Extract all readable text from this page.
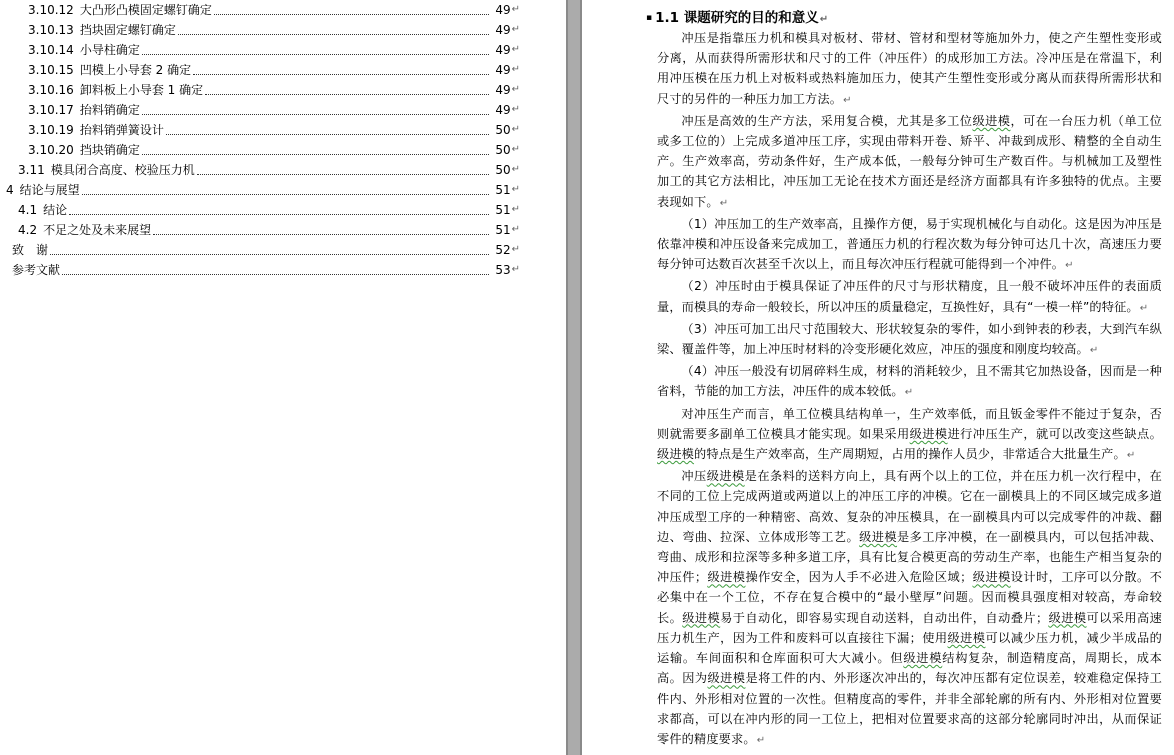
3.10.12 大凸形凸模固定螺钉确定	49 ↵
3.10.13 挡块固定螺钉确定	49 ↵
3.10.14 小导柱确定	49 ↵
3.10.15 凹模上小导套 2 确定	49 ↵
3.10.16 卸料板上小导套 1 确定	49 ↵
3.10.17 抬料销确定	49 ↵
3.10.19 抬料销弹簧设计	50 ↵
3.10.20 挡块销确定	50 ↵
3.11 模具闭合高度、校验压力机	50 ↵
4 结论与展望	51 ↵
4.1 结论	51 ↵
4.2 不足之处及未来展望	51 ↵
致　谢	52 ↵
参考文献	53 ↵
▪ 1.1 课题研究的目的和意义↵

冲压是指靠压力机和模具对板材、带材、管材和型材等施加外力，使之产生塑性变形或分离，从而获得所需形状和尺寸的工件（冲压件）的成形加工方法。冷冲压是在常温下，利用冲压模在压力机上对板料或热料施加压力，使其产生塑性变形或分离从而获得所需形状和尺寸的另件的一种压力加工方法。↵

冲压是高效的生产方法，采用复合模，尤其是多工位级进模，可在一台压力机（单工位或多工位的）上完成多道冲压工序，实现由带料开卷、矫平、冲裁到成形、精整的全自动生产。生产效率高，劳动条件好，生产成本低，一般每分钟可生产数百件。与机械加工及塑性加工的其它方法相比，冲压加工无论在技术方面还是经济方面都具有许多独特的优点。主要表现如下。↵

（1）冲压加工的生产效率高，且操作方便，易于实现机械化与自动化。这是因为冲压是依靠冲模和冲压设备来完成加工，普通压力机的行程次数为每分钟可达几十次，高速压力要每分钟可达数百次甚至千次以上，而且每次冲压行程就可能得到一个冲件。↵

（2）冲压时由于模具保证了冲压件的尺寸与形状精度，且一般不破坏冲压件的表面质量，而模具的寿命一般较长，所以冲压的质量稳定，互换性好，具有“一模一样”的特征。↵

（3）冲压可加工出尺寸范围较大、形状较复杂的零件，如小到钟表的秒表，大到汽车纵梁、覆盖件等，加上冲压时材料的冷变形硬化效应，冲压的强度和刚度均较高。↵

（4）冲压一般没有切屑碎料生成，材料的消耗较少，且不需其它加热设备，因而是一种省料，节能的加工方法，冲压件的成本较低。↵

对冲压生产而言，单工位模具结构单一，生产效率低，而且钣金零件不能过于复杂，否则就需要多副单工位模具才能实现。如果采用级进模进行冲压生产，就可以改变这些缺点。级进模的特点是生产效率高，生产周期短，占用的操作人员少，非常适合大批量生产。↵

冲压级进模是在条料的送料方向上，具有两个以上的工位，并在压力机一次行程中，在不同的工位上完成两道或两道以上的冲压工序的冲模。它在一副模具上的不同区域完成多道冲压成型工序的一种精密、高效、复杂的冲压模具，在一副模具内可以完成零件的冲裁、翻边、弯曲、拉深、立体成形等工艺。级进模是多工序冲模，在一副模具内，可以包括冲裁、弯曲、成形和拉深等多种多道工序，具有比复合模更高的劳动生产率，也能生产相当复杂的冲压件；级进模操作安全，因为人手不必进入危险区域；级进模设计时，工序可以分散。不必集中在一个工位，不存在复合模中的“最小壁厚”问题。因而模具强度相对较高，寿命较长。级进模易于自动化，即容易实现自动送料，自动出件，自动叠片；级进模可以采用高速压力机生产，因为工件和废料可以直接往下漏；使用级进模可以减少压力机，减少半成品的运输。车间面积和仓库面积可大大减小。但级进模结构复杂，制造精度高，周期长，成本高。因为级进模是将工件的内、外形逐次冲出的，每次冲压都有定位误差，较难稳定保持工件内、外形相对位置的一次性。但精度高的零件，并非全部轮廓的所有内、外形相对位置要求都高，可以在冲内形的同一工位上，把相对位置要求高的这部分轮廓同时冲出，从而保证零件的精度要求。↵
